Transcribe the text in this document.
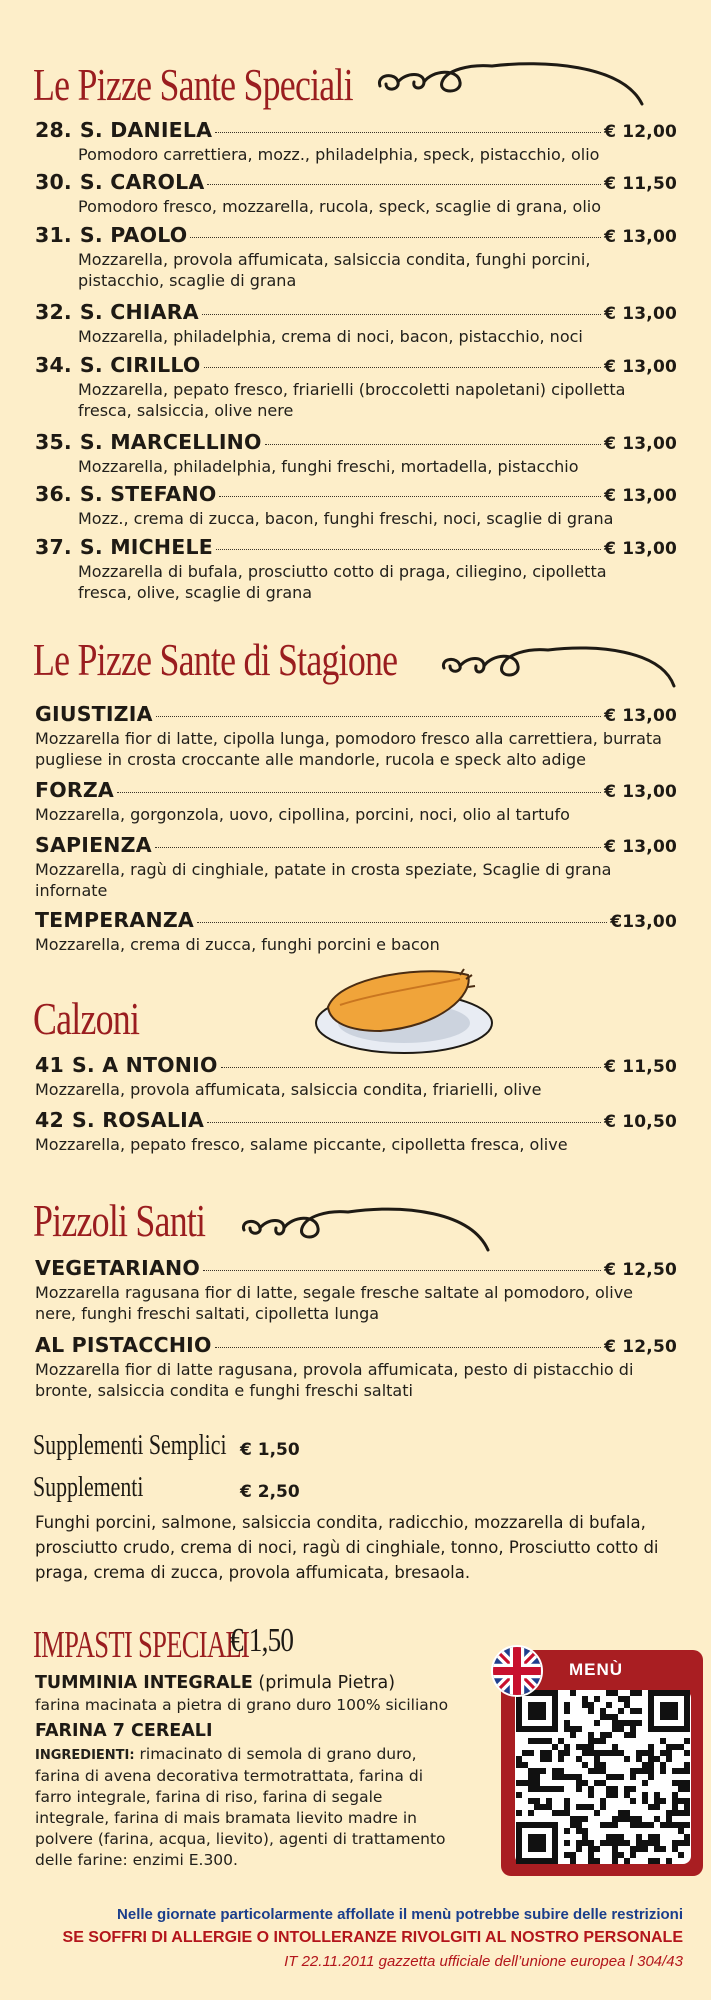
Le Pizze Sante Speciali
28. S. DANIELA	€ 12,00
Pomodoro carrettiera, mozz., philadelphia, speck, pistacchio, olio
30. S. CAROLA	€ 11,50
Pomodoro fresco, mozzarella, rucola, speck, scaglie di grana, olio
31. S. PAOLO	€ 13,00
Mozzarella, provola affumicata, salsiccia condita, funghi porcini, pistacchio, scaglie di grana
32. S. CHIARA	€ 13,00
Mozzarella, philadelphia, crema di noci, bacon, pistacchio, noci
34. S. CIRILLO	€ 13,00
Mozzarella, pepato fresco, friarielli (broccoletti napoletani) cipolletta fresca, salsiccia, olive nere
35. S. MARCELLINO	€ 13,00
Mozzarella, philadelphia, funghi freschi, mortadella, pistacchio
36. S. STEFANO	€ 13,00
Mozz., crema di zucca, bacon, funghi freschi, noci, scaglie di grana
37. S. MICHELE	€ 13,00
Mozzarella di bufala, prosciutto cotto di praga, ciliegino, cipolletta fresca, olive, scaglie di grana
Le Pizze Sante di Stagione
GIUSTIZIA	€ 13,00
Mozzarella fior di latte, cipolla lunga, pomodoro fresco alla carrettiera, burrata pugliese in crosta croccante alle mandorle, rucola e speck alto adige
FORZA	€ 13,00
Mozzarella, gorgonzola, uovo, cipollina, porcini, noci, olio al tartufo
SAPIENZA	€ 13,00
Mozzarella, ragù di cinghiale, patate in crosta speziate, Scaglie di grana infornate
TEMPERANZA	€13,00
Mozzarella, crema di zucca, funghi porcini e bacon
Calzoni
41 S. A NTONIO	€ 11,50
Mozzarella, provola affumicata, salsiccia condita, friarielli, olive
42 S. ROSALIA	€ 10,50
Mozzarella, pepato fresco, salame piccante, cipolletta fresca, olive
Pizzoli Santi
VEGETARIANO	€ 12,50
Mozzarella ragusana fior di latte, segale fresche saltate al pomodoro, olive nere, funghi freschi saltati, cipolletta lunga
AL PISTACCHIO	€ 12,50
Mozzarella fior di latte ragusana, provola affumicata, pesto di pistacchio di bronte, salsiccia condita e funghi freschi saltati
Supplementi Semplici € 1,50
Supplementi	€ 2,50
Funghi porcini, salmone, salsiccia condita, radicchio, mozzarella di bufala, prosciutto crudo, crema di noci, ragù di cinghiale, tonno, Prosciutto cotto di praga, crema di zucca, provola affumicata, bresaola.
IMPASTI SPECIALI
€ 1,50
TUMMINIA INTEGRALE (primula Pietra)
farina macinata a pietra di grano duro 100% siciliano
FARINA 7 CEREALI
INGREDIENTI: rimacinato di semola di grano duro,
farina di avena decorativa termotrattata, farina di farro integrale, farina di riso, farina di segale integrale, farina di mais bramata lievito madre in polvere (farina, acqua, lievito), agenti di trattamento delle farine: enzimi E.300.
MENÙ
Nelle giornate particolarmente affollate il menù potrebbe subire delle restrizioni
SE SOFFRI DI ALLERGIE O INTOLLERANZE RIVOLGITI AL NOSTRO PERSONALE
IT 22.11.2011 gazzetta ufficiale dell’unione europea l 304/43
